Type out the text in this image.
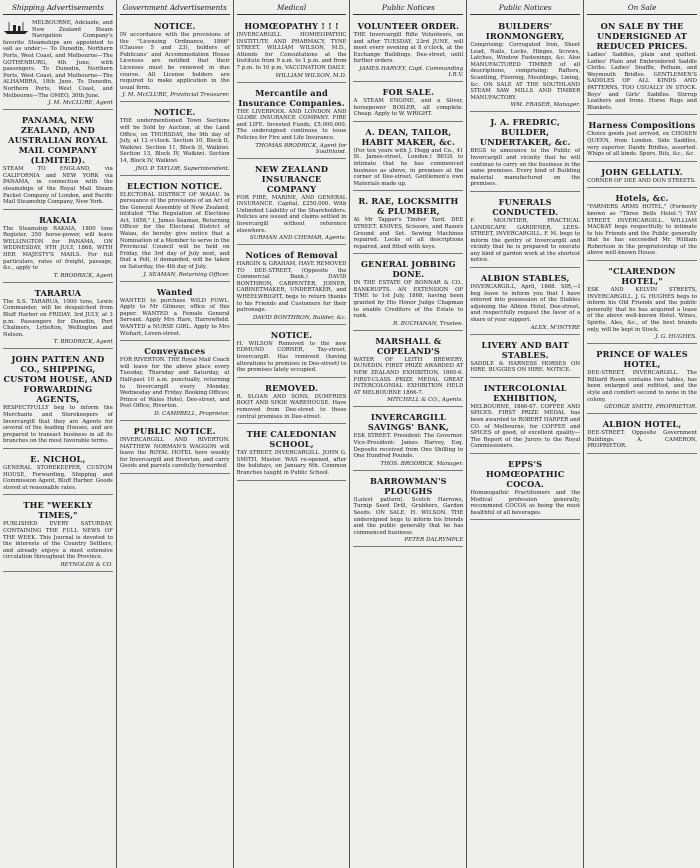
Shipping Advertisements
MELBOURNE, Adelaide, and New Zealand Steam Navigation Company's favorite Steamships are appointed to sail as under:— To Dunedin, Northern Ports, West Coast, and Melbourne—The GOTHENBURG, 4th June, with passengers. To Dunedin, Northern Ports, West Coast, and Melbourne—The ALHAMBRA, 18th June. To Dunedin, Northern Ports, West Coast, and Melbourne—The OMEO, 30th June.
J. M. McCLURE, Agent
PANAMA, NEW ZEALAND, AND AUSTRALIAN ROYAL MAIL COMPANY (LIMITED).
STEAM TO ENGLAND, via CALIFORNIA and NEW YORK via PANAMA, in connection with the steamships of the Royal Mail Steam Packet Company of London, and Pacific Mail Steamship Company, New York.
RAKAIA
The Steamship RAKAIA, 1800 tons Register, 350 horse-power, will leave WELLINGTON for PANAMA, ON WEDNESDAY, 9TH JULY, 1868, WITH HER MAJESTY'S MAILS. For full particulars, rates of freight, passage, &c., apply to
T. BRODRICK, Agent
TARARUA
The S.S. TARARUA, 1000 tons, Lewis Commander, will be despatched from Bluff Harbor on FRIDAY, 3rd JULY, at 3 p.m. Passengers for Dunedin, Port Chalmers, Lyttelton, Wellington and Nelson.
T. BRODRICK, Agent
JOHN PATTEN AND CO., SHIPPING, CUSTOM HOUSE, AND FORWARDING AGENTS,
RESPECTFULLY beg to inform the Merchants and Storekeepers of Invercargill that they are Agents for several of the leading Houses, and are prepared to transact business in all its branches on the most favorable terms.
E. NICHOL,
GENERAL STOREKEEPER, CUSTOM HOUSE, Forwarding, Shipping and Commission Agent, Bluff Harbor. Goods stored at reasonable rates.
THE "WEEKLY TIMES,"
PUBLISHED EVERY SATURDAY, CONTAINING THE FULL NEWS OF THE WEEK. This Journal is devoted to the interests of the Country Settlers, and already enjoys a most extensive circulation throughout the Province.
REYNOLDS & CO.
Government Advertisements
NOTICE.
IN accordance with the provisions of the "Licensing Ordinance, 1866" (Clauses 5 and 23), holders of Publicans' and Accommodation House Licenses are notified that their Licenses must be renewed in due course. All License holders are required to make application in the usual form.
J. M. McCLURE, Provincial Treasurer.
NOTICE.
THE undermentioned Town Sections will be Sold by Auction, at the Land Office, on THURSDAY, the 9th day of July, at 12 o'clock. Section 10, Block II, Waikiwi. Section 11, Block II, Waikiwi. Section 13, Block IV, Waikiwi. Section 14, Block IV, Waikiwi.
JNO. P. TAYLOR, Superintendent.
ELECTION NOTICE.
ELECTORAL DISTRICT OF WAIAU. In pursuance of the provisions of an Act of the General Assembly of New Zealand, intituled "The Regulation of Elections Act, 1858," I, James Seaman, Returning Officer for the Electoral District of Waiau, do hereby give notice that a Nomination of a Member to serve in the Provincial Council will be held on Friday, the 3rd day of July next, and that a Poll, if demanded, will be taken on Saturday, the 4th day of July.
J. SEAMAN, Returning Officer.
Wanted
WANTED to purchase WILD FOWL. Apply to Mr Gilmour, office of this paper. WANTED a Female General Servant. Apply Mrs Hare, Harrowfield. WANTED a NURSE GIRL. Apply to Mrs Wishart, Leven-street.
Conveyances
FOR RIVERTON. THE Royal Mail Coach will leave for the above place every Tuesday, Thursday and Saturday, at Half-past 10 a.m. punctually, returning to Invercargill every Monday, Wednesday and Friday. Booking Offices: Prince of Wales Hotel, Dee-street, and Post Office, Riverton.
D. CAMPBELL, Proprietor.
PUBLIC NOTICE.
INVERCARGILL AND RIVERTON. MATTHEW NORMAN'S WAGGON will leave the ROYAL HOTEL here weekly for Invercargill and Riverton, and carry Goods and parcels carefully forwarded.
Medical
HOMŒOPATHY ! ! !
INVERCARGILL HOMŒOPATHIC INSTITUTE AND PHARMACY, TYNE STREET. WILLIAM WILSON, M.D., Attends for Consultations at the Institute from 9 a.m. to 1 p.m. and from 7 p.m. to 10 p.m. VACCINATION DAILY.
WILLIAM WILSON, M.D.
Mercantile and Insurance Companies.
THE LIVERPOOL AND LONDON AND GLOBE INSURANCE COMPANY. FIRE and LIFE. Invested Funds, £5,000,000. The undersigned continues to issue Policies for Fire and Life Insurance.
THOMAS BRODRICK, Agent for Southland.
NEW ZEALAND INSURANCE COMPANY
FOR FIRE, MARINE, AND GENERAL INSURANCE. Capital, £250,000. With Unlimited Liability of the Shareholders. Policies are issued and claims settled in Invercargill without reference elsewhere.
SURMAN AND CHEMAR, Agents.
Notices of Removal
HARGIN & GRAHAM, HAVE REMOVED TO DEE-STREET, (Opposite the Commercial Bank.) DAVID BONTHRON, CARPENTER, JOINER, CABINETMAKER, UNDERTAKER, and WHEELWRIGHT, begs to return thanks to his Friends and Customers for their patronage.
DAVID BONTHRON, Builder, &c.
NOTICE.
H. WILSON Removed to the new EDMUND CORNER, Tay-street, Invercargill. Has removed (having alterations to premises in Dee-street) to the premises lately occupied.
REMOVED.
R. SLOAN AND SONS, DUMFRIES BOOT AND SHOE WAREHOUSE. Have removed from Dee-street to those central premises in Dee-street.
THE CALEDONIAN SCHOOL,
TAY STREET, INVERCARGILL. JOHN G. SMITH, Master. WAS re-opened, after the holidays, on January 6th. Common Branches taught in Public School.
Public Notices
VOLUNTEER ORDER.
THE Invercargill Rifle Volunteers, on and after TUESDAY, 23rd JUNE, will meet every evening at 8 o'clock, at the Exchange Buildings, Dee-street, until further orders.
JAMES HARVEY, Capt. Commanding I.R.V.
FOR SALE.
A STEAM ENGINE, and a Silver, horsepower BOILER, all complete. Cheap. Apply to W. WRIGHT.
A. DEAN, TAILOR, HABIT MAKER, &c.
(For ten years with J. Hogg and Co., 41 St. James-street, London.) BEGS to intimate that he has commenced business as above, in premises at the corner of Dee-street. Gentlemen's own Materials made up.
R. RAE, LOCKSMITH & PLUMBER,
At Mr Tapper's Timber Yard, DEE STREET. KNIVES, Scissors, and Razors Ground and Set. Sewing Machines repaired. Locks of all descriptions repaired, and fitted with keys.
GENERAL JOBBING DONE.
IN THE ESTATE OF BONNAR & CO., BANKRUPTS. AN EXTENSION OF TIME to 1st July, 1868, having been granted by His Honor Judge Chapman to enable Creditors of the Estate to rank.
R. BUCHANAN, Trustee.
MARSHALL & COPELAND'S
WATER OF LEITH BREWERY, DUNEDIN. FIRST PRIZE AWARDED AT NEW ZEALAND EXHIBITION, 1865-6. FIRST-CLASS PRIZE MEDAL GREAT INTERCOLONIAL EXHIBITION HELD AT MELBOURNE 1866-7.
MITCHELL & CO., Agents.
INVERCARGILL SAVINGS' BANK,
ESK STREET. President: The Governor. Vice-President: James Harvey, Esq. Deposits received from One Shilling to One Hundred Pounds.
THOS. BRODRICK, Manager.
BARROWMAN'S PLOUGHS
(Latest pattern). Scotch Harrows, Turnip Seed Drill, Grubbers, Garden Seeds. ON SALE. H. WILSON. THE undersigned begs to inform his friends and the public generally that he has commenced business.
PETER DALRYMPLE
Public Notices
BUILDERS' IRONMONGERY,
Comprising: Corrugated Iron, Sheet Lead, Nails, Locks, Hinges, Screws, Latches, Window Fastenings, &c. Also MANUFACTURED TIMBER of all descriptions, comprising: Rafters, Scantling, Flooring, Mouldings, Lining, &c. ON SALE AT THE SOUTHLAND STEAM SAW MILLS AND TIMBER MANUFACTORY.
WM. FRASER, Manager.
J. A. FREDRIC, BUILDER, UNDERTAKER, &c.
BEGS to announce to the Public of Invercargill and vicinity that he will continue to carry on the business in the same premises. Every kind of Building material manufactured on the premises.
FUNERALS CONDUCTED.
F. MOUNTIER, PRACTICAL LANDSCAPE GARDENER, LEES-STREET, INVERCARGILL. F. M. begs to inform the gentry of Invercargill and vicinity that he is prepared to execute any kind of garden work at the shortest notice.
ALBION STABLES,
INVERCARGILL, April, 1868. SIR,—I beg leave to inform you that I have entered into possession of the Stables adjoining the Albion Hotel, Dee-street, and respectfully request the favor of a share of your support.
ALEX. M'INTYRE
LIVERY AND BAIT STABLES.
SADDLE & HARNESS HORSES ON HIRE. BUGGIES ON HIRE. NOTICE.
INTERCOLONIAL EXHIBITION,
MELBOURNE, 1866-67. COFFEE AND SPICES. FIRST PRIZE MEDAL has been awarded to ROBERT HARPER and CO. of Melbourne, for COFFEE and SPICES of good, of excellent quality—The Report of the Jurors to the Royal Commissioners.
EPPS'S HOMŒOPATHIC COCOA.
Homœopathic Practitioners and the Medical profession generally, recommend COCOA as being the most healthful of all beverages.
On Sale
ON SALE BY THE UNDERSIGNED AT REDUCED PRICES.
Ladies' Saddles, plain and quilted. Ladies' Plain and Embroidered Saddle Cloths. Ladies' Snaffle, Pelham, and Weymouth Bridles. GENTLEMEN'S SADDLES OF ALL KINDS AND PATTERNS, TOO USUALLY IN STOCK. Boys' and Girls' Saddles. Stirrup Leathers and Irons. Horse Rugs and Blankets.
Harness Compositions
Choice goods just arrived, ex CHOSEN QUEEN, from London. Side Saddles, very superior. Dandy Bridles, assorted. Whips of all kinds. Spurs, Bits, &c., &c.
JOHN GELLATLY.
CORNER OF DEE AND DON STREETS.
Hotels, &c.
"FARMERS ARMS HOTEL," (Formerly known as "Three Bells Hotel.") TAY STREET, INVERCARGILL. WILLIAM MACKAY begs respectfully to intimate to his Friends and the Public generally that he has succeeded Mr. William Robertson in the proprietorship of the above well-known House.
"CLARENDON HOTEL,"
ESK AND KELVIN STREETS, INVERCARGILL. J. G. HUGHES begs to inform his Old Friends and the public generally that he has acquired a lease of the above well-known Hotel. Wines, Spirits, Ales, &c., of the best brands only, will be kept in Stock.
J. G. HUGHES.
PRINCE OF WALES HOTEL,
DEE-STREET, INVERCARGILL. The Billiard Room contains two tables, has been enlarged and refitted, and the style and comfort second to none in the colony.
GEORGE SMITH, PROPRIETOR.
ALBION HOTEL,
DEE-STREET. Opposite Government Buildings. A. CAMERON, PROPRIETOR.
